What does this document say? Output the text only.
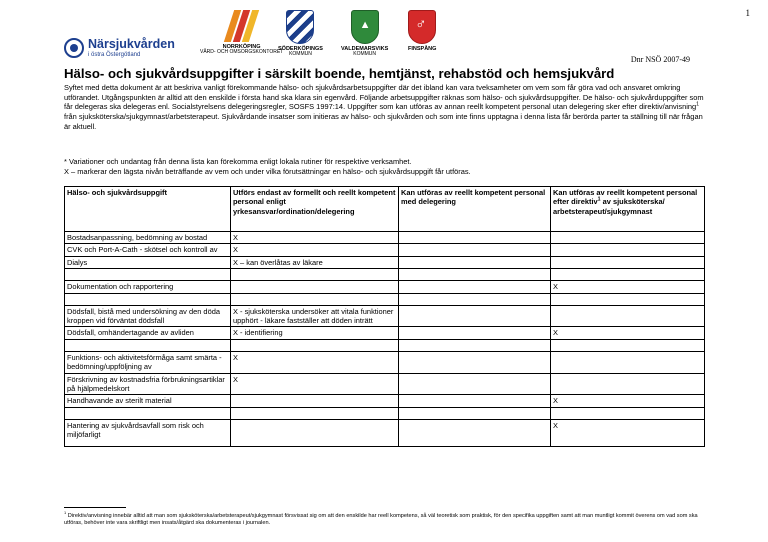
1
Närsjukvården
i östra Östergötland
NORRKÖPING
VÅRD- OCH OMSORGSKONTORET
SÖDERKÖPINGS
KOMMUN
▲
VALDEMARSVIKS
KOMMUN
♂
FINSPÅNG
Dnr NSÖ 2007-49
Hälso- och sjukvårdsuppgifter i särskilt boende, hemtjänst, rehabstöd och hemsjukvård

Syftet med detta dokument är att beskriva vanligt förekommande hälso- och sjukvårdsarbetsuppgifter där det ibland kan vara tveksamheter om vem som får göra vad och ansvaret omkring utförandet. Utgångspunkten är alltid att den enskilde i första hand ska klara sin egenvård. Följande arbetsuppgifter räknas som hälso- och sjukvårdsuppgifter. De hälso- och sjukvårduppgifter som får delegeras ska delegeras enl. Socialstyrelsens delegeringsregler, SOSFS 1997:14. Uppgifter som kan utföras av annan reellt kompetent personal utan delegering sker efter direktiv/anvisning$^1$ från sjuksköterska/sjukgymnast/arbetsterapeut. Sjukvårdande insatser som initieras av hälso- och sjukvården och som inte finns upptagna i denna lista får berörda parter ta ställning till när frågan är aktuell.

* Variationer och undantag från denna lista kan förekomma enligt lokala rutiner för respektive verksamhet.

X – markerar den lägsta nivån beträffande av vem och under vilka förutsättningar en hälso- och sjukvårdsuppgift får utföras.

Hälso- och sjukvårdsuppgift	Utförs endast av formellt och reellt kompetent personal enligt yrkesansvar/ordination/delegering	Kan utföras av reellt kompetent personal med delegering	Kan utföras av reellt kompetent personal efter direktiv$^1$ av sjuksköterska/ arbetsterapeut/sjukgymnast
Bostadsanpassning, bedömning av bostad	X		
CVK och Port-A-Cath - skötsel och kontroll av	X		
Dialys	X – kan överlåtas av läkare		

Dokumentation och rapportering			X

Dödsfall, bistå med undersökning av den döda kroppen vid förväntat dödsfall	X - sjuksköterska undersöker att vitala funktioner upphört - läkare fastställer att döden inträtt		
Dödsfall, omhändertagande av avliden	X - identifiering		X

Funktions- och aktivitetsförmåga samt smärta - bedömning/uppföljning av	X		
Förskrivning av kostnadsfria förbrukningsartiklar på hjälpmedelskort	X		
Handhavande av sterilt material			X

Hantering av sjukvårdsavfall som risk och miljöfarligt			X

$^1$ Direktiv/anvisning innebär alltid att man som sjuksköterska/arbetsterapeut/sjukgymnast försvissat sig om att den enskilde har reell kompetens, så väl teoretisk som praktisk, för den specifika uppgiften samt att man muntligt kommit överens om vad som ska utföras, behöver inte vara skriftligt men insats/åtgärd ska dokumenteras i journalen.
